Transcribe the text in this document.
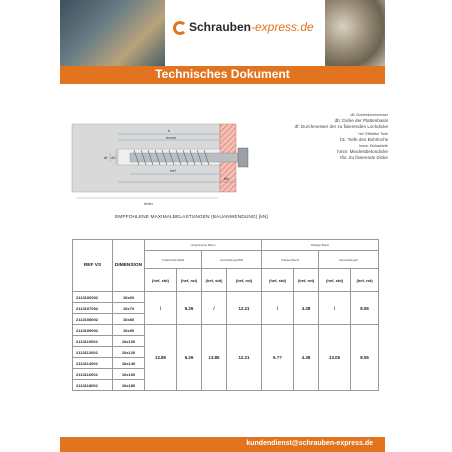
Schrauben-express.de
Technisches Dokument
h
hnom
d0
df
hef
tfix
hmin
d0: Bohrerdurchmesser
db: Dicke der Plattenbasis
df: Durchmesser der zu fixierenden Lochdicke
hef: Effektive Tiefe
h1: Tiefe des Bohrlochs
hnom: Einbautiefe
hmin: Mindestbetondicke
tfix: Zu fixierende Dicke
EMPFOHLENE MAXIMALBELASTUNGEN (BAUANWENDUNG) [kN]
REF VS	DIMENSION	Ungerissener Beton				Rissiger Beton			
		Traktion/NeuN/Rd		VerschiebungV/Rd		Traktion/NeuN		VerschiebungV	
		(hef, std)	(hef, rot)	(hef, std)	(hef, rot)	(hef, std)	(hef, rot)	(hef, std)	(hef, rot)
2113106002	10x60	/	6.26	/	12.21	/	4.38	/	8.55
2113107002	10x70								
2113108002	10x80								
2113109002	10x90	12.85	6.26	13.85	12.21	5.??	4.38	13.05	8.55
2113110002	10x100								
2113112002	10x120								
2113114002	10x140								
2113116002	10x160								
2113118002	10x180								
kundendienst@schrauben-express.de
